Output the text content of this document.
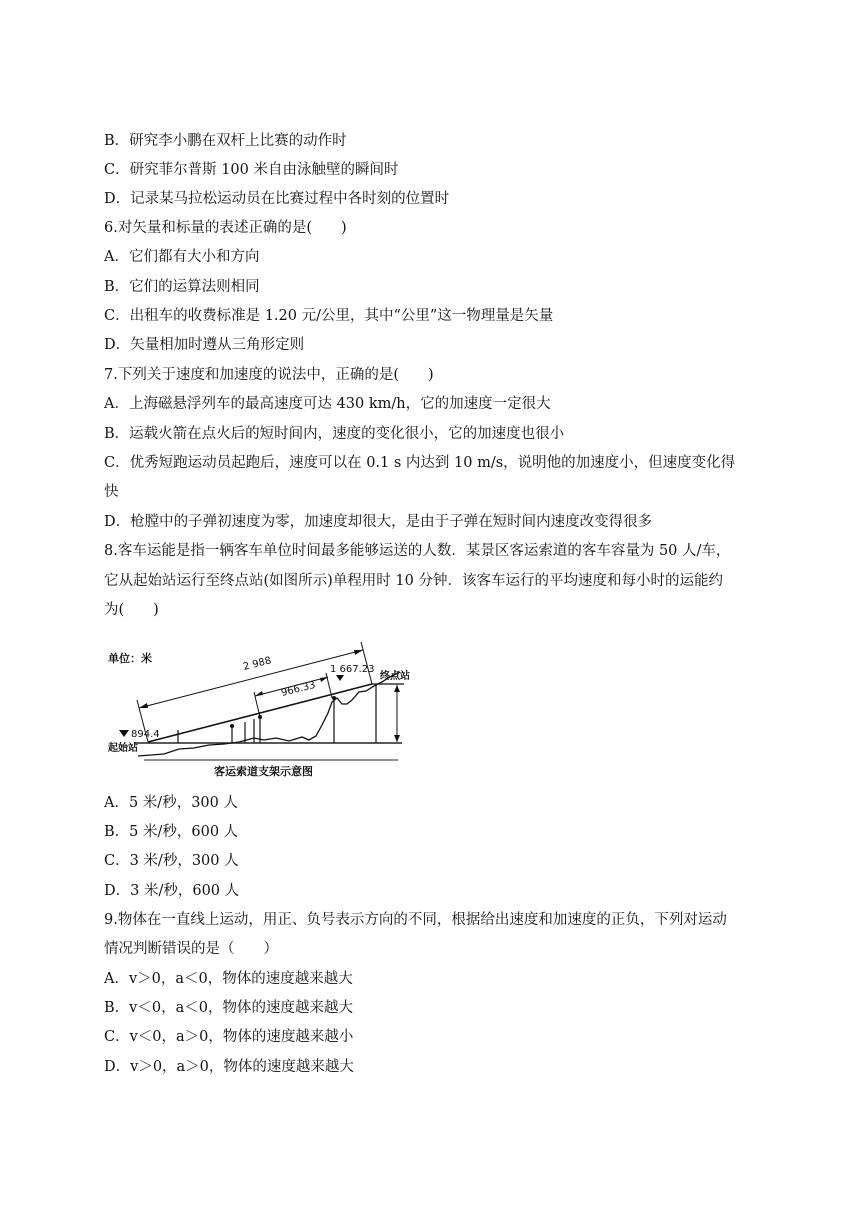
B．研究李小鹏在双杆上比赛的动作时
C．研究菲尔普斯 100 米自由泳触壁的瞬间时
D．记录某马拉松运动员在比赛过程中各时刻的位置时
6.对矢量和标量的表述正确的是(　　)
A．它们都有大小和方向
B．它们的运算法则相同
C．出租车的收费标准是 1.20 元/公里，其中“公里”这一物理量是矢量
D．矢量相加时遵从三角形定则
7.下列关于速度和加速度的说法中，正确的是(　　)
A．上海磁悬浮列车的最高速度可达 430 km/h，它的加速度一定很大
B．运载火箭在点火后的短时间内，速度的变化很小，它的加速度也很小
C．优秀短跑运动员起跑后，速度可以在 0.1 s 内达到 10 m/s，说明他的加速度小，但速度变化得
快
D．枪膛中的子弹初速度为零，加速度却很大，是由于子弹在短时间内速度改变得很多
8.客车运能是指一辆客车单位时间最多能够运送的人数．某景区客运索道的客车容量为 50 人/车，
它从起始站运行至终点站(如图所示)单程用时 10 分钟．该客车运行的平均速度和每小时的运能约
为(　　)
单位：米	2 988
966.33
1 667.23
终点站
894.4
起始站
客运索道支架示意图
A．5 米/秒，300 人
B．5 米/秒，600 人
C．3 米/秒，300 人
D．3 米/秒，600 人
9.物体在一直线上运动，用正、负号表示方向的不同，根据给出速度和加速度的正负，下列对运动
情况判断错误的是（　　）
A．v＞0，a＜0，物体的速度越来越大
B．v＜0，a＜0，物体的速度越来越大
C．v＜0，a＞0，物体的速度越来越小
D．v＞0，a＞0，物体的速度越来越大
